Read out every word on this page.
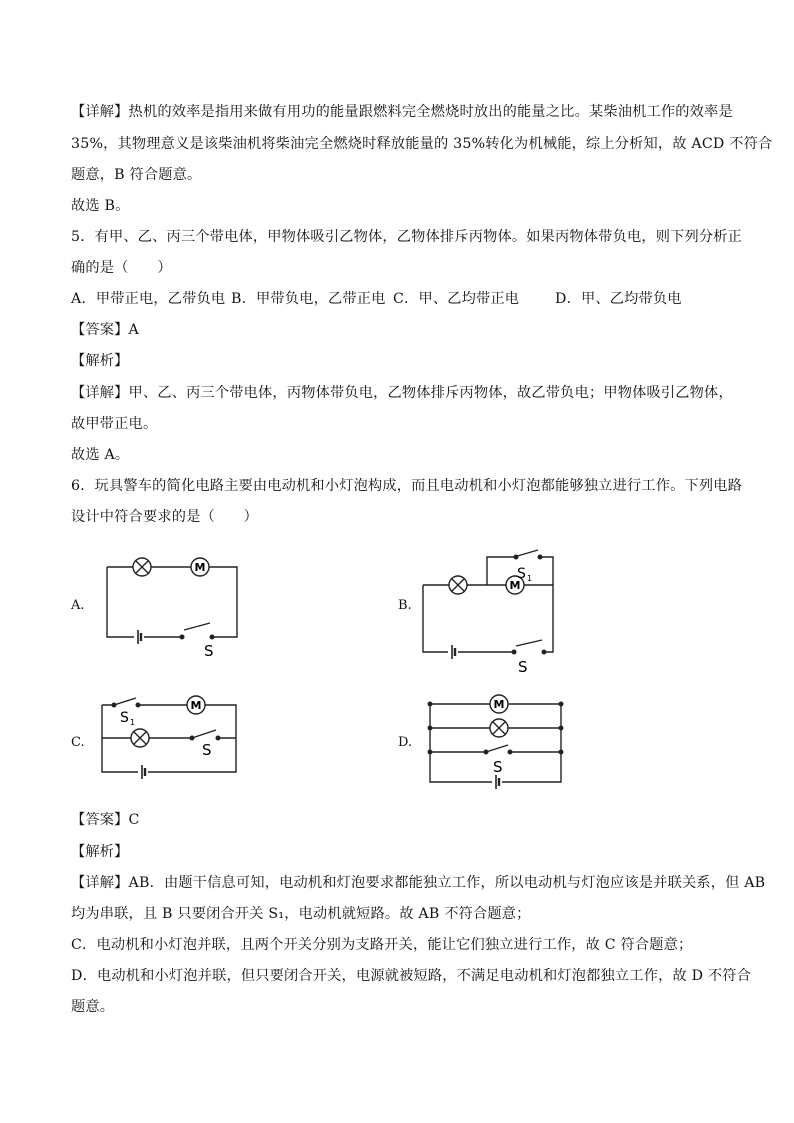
【详解】热机的效率是指用来做有用功的能量跟燃料完全燃烧时放出的能量之比。某柴油机工作的效率是
35%，其物理意义是该柴油机将柴油完全燃烧时释放能量的 35%转化为机械能，综上分析知，故 ACD 不符合
题意，B 符合题意。
故选 B。
5．有甲、乙、丙三个带电体，甲物体吸引乙物体，乙物体排斥丙物体。如果丙物体带负电，则下列分析正
确的是（　　）
A．甲带正电，乙带负电 B．甲带负电，乙带正电 C．甲、乙均带正电	D．甲、乙均带负电
【答案】A
【解析】
【详解】甲、乙、丙三个带电体，丙物体带负电，乙物体排斥丙物体，故乙带负电；甲物体吸引乙物体，
故甲带正电。
故选 A。
6．玩具警车的简化电路主要由电动机和小灯泡构成，而且电动机和小灯泡都能够独立进行工作。下列电路
设计中符合要求的是（　　）
A.
M
S
B.
M
S 1
S
C.
M
S 1
S	D.
M
S
【答案】C
【解析】
【详解】AB．由题干信息可知，电动机和灯泡要求都能独立工作，所以电动机与灯泡应该是并联关系，但 AB
均为串联，且 B 只要闭合开关 S₁，电动机就短路。故 AB 不符合题意；
C．电动机和小灯泡并联，且两个开关分别为支路开关，能让它们独立进行工作，故 C 符合题意；
D．电动机和小灯泡并联，但只要闭合开关，电源就被短路，不满足电动机和灯泡都独立工作，故 D 不符合
题意。
